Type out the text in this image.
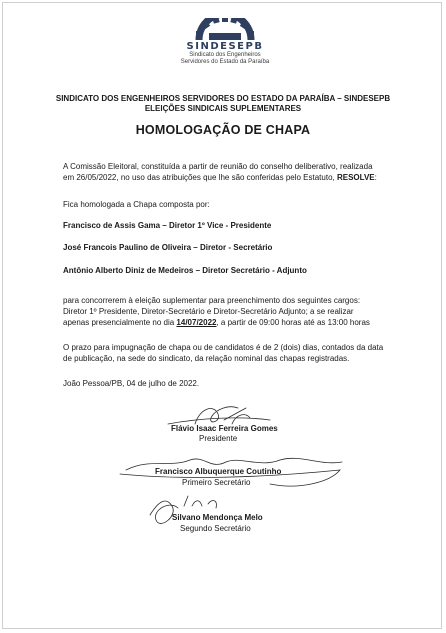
SINDESEPB
Sindicato dos Engenheiros
Servidores do Estado da Paraíba
SINDICATO DOS ENGENHEIROS SERVIDORES DO ESTADO DA PARAÍBA – SINDESEPB
ELEIÇÕES SINDICAIS SUPLEMENTARES
HOMOLOGAÇÃO DE CHAPA
A Comissão Eleitoral, constituída a partir de reunião do conselho deliberativo, realizada
em 26/05/2022, no uso das atribuições que lhe são conferidas pelo Estatuto, RESOLVE:
Fica homologada a Chapa composta por:
Francisco de Assis Gama – Diretor 1º Vice - Presidente
José Francois Paulino de Oliveira – Diretor - Secretário
Antônio Alberto Diniz de Medeiros – Diretor Secretário - Adjunto
para concorrerem à eleição suplementar para preenchimento dos seguintes cargos:
Diretor 1º Presidente, Diretor-Secretário e Diretor-Secretário Adjunto; a se realizar
apenas presencialmente no dia 14/07/2022, a partir de 09:00 horas até as 13:00 horas
O prazo para impugnação de chapa ou de candidatos é de 2 (dois) dias, contados da data
de publicação, na sede do sindicato, da relação nominal das chapas registradas.
João Pessoa/PB, 04 de julho de 2022.
Flávio Isaac Ferreira Gomes
Presidente
Francisco Albuquerque Coutinho
Primeiro Secretário
Silvano Mendonça Melo
Segundo Secretário
